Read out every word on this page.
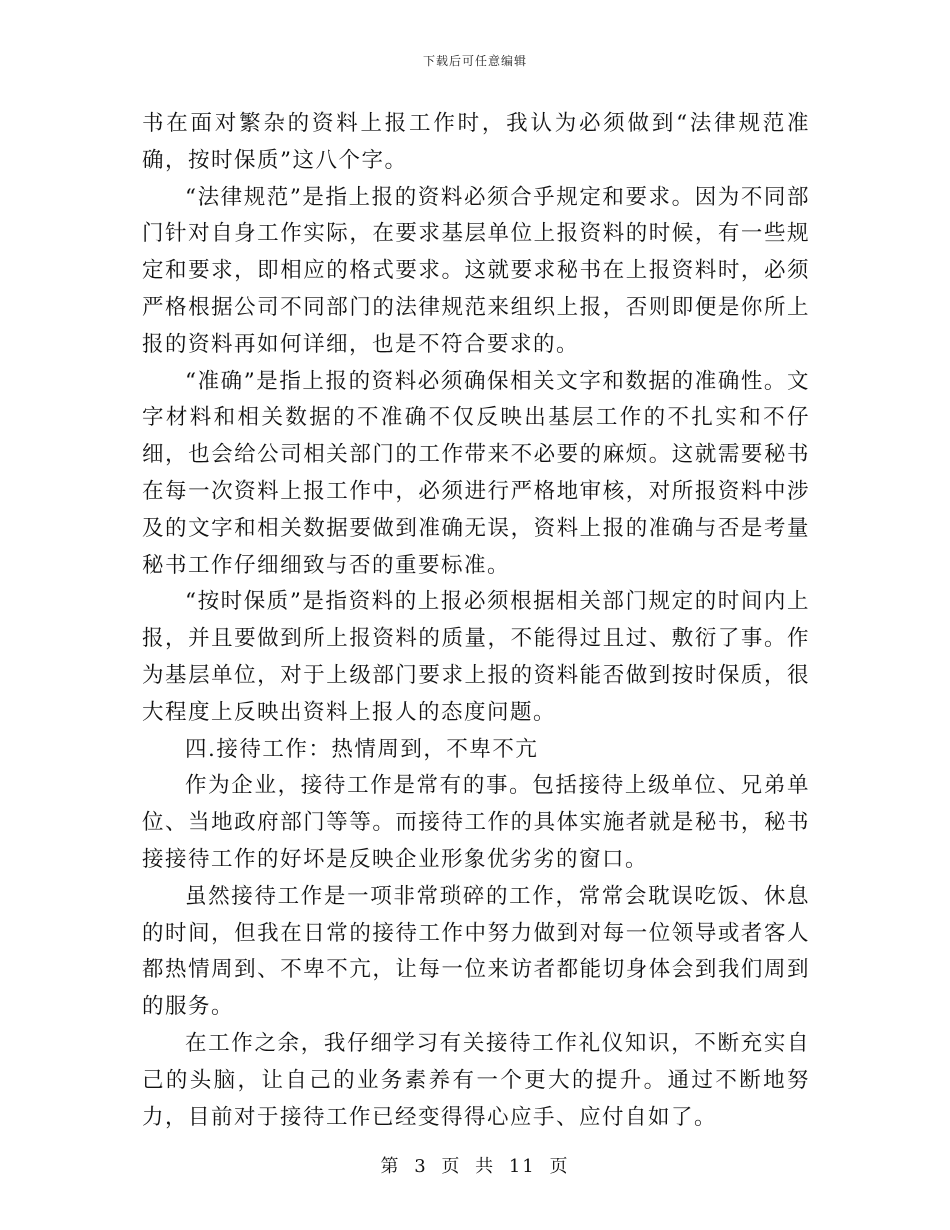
下载后可任意编辑

书在面对繁杂的资料上报工作时，我认为必须做到“法律规范准确，按时保质”这八个字。

“法律规范”是指上报的资料必须合乎规定和要求。因为不同部门针对自身工作实际，在要求基层单位上报资料的时候，有一些规定和要求，即相应的格式要求。这就要求秘书在上报资料时，必须严格根据公司不同部门的法律规范来组织上报，否则即便是你所上报的资料再如何详细，也是不符合要求的。

“准确”是指上报的资料必须确保相关文字和数据的准确性。文字材料和相关数据的不准确不仅反映出基层工作的不扎实和不仔细，也会给公司相关部门的工作带来不必要的麻烦。这就需要秘书在每一次资料上报工作中，必须进行严格地审核，对所报资料中涉及的文字和相关数据要做到准确无误，资料上报的准确与否是考量秘书工作仔细细致与否的重要标准。

“按时保质”是指资料的上报必须根据相关部门规定的时间内上报，并且要做到所上报资料的质量，不能得过且过、敷衍了事。作为基层单位，对于上级部门要求上报的资料能否做到按时保质，很大程度上反映出资料上报人的态度问题。

四.接待工作：热情周到，不卑不亢

作为企业，接待工作是常有的事。包括接待上级单位、兄弟单位、当地政府部门等等。而接待工作的具体实施者就是秘书，秘书接接待工作的好坏是反映企业形象优劣劣的窗口。

虽然接待工作是一项非常琐碎的工作，常常会耽误吃饭、休息的时间，但我在日常的接待工作中努力做到对每一位领导或者客人都热情周到、不卑不亢，让每一位来访者都能切身体会到我们周到的服务。

在工作之余，我仔细学习有关接待工作礼仪知识，不断充实自己的头脑，让自己的业务素养有一个更大的提升。通过不断地努力，目前对于接待工作已经变得得心应手、应付自如了。

第 3 页 共 11 页
